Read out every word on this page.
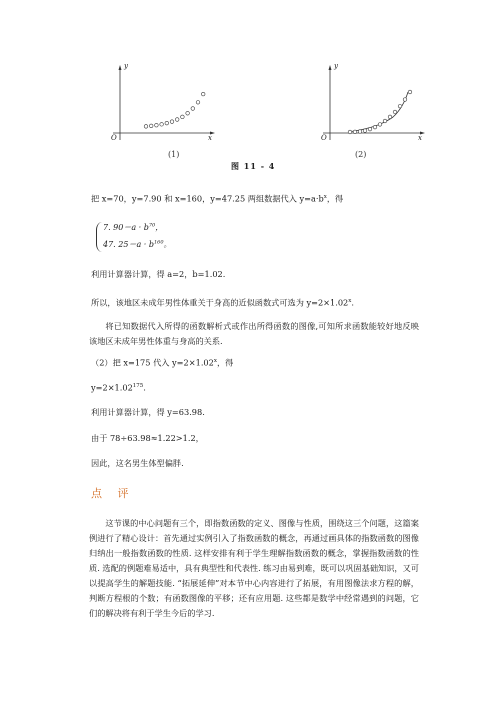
y
x
O
(1)
y
x
O
(2)
图 11 - 4
把 x=70，y=7.90 和 x=160，y=47.25 两组数据代入 $y=a\cdot b^x$，得
7. $90=a \cdot b^{70}$，
47. $25=a \cdot b^{160}$。
利用计算器计算，得 a=2，b=1.02.
所以，该地区未成年男性体重关于身高的近似函数式可选为 $y=2\times 1.02^x$.
将已知数据代入所得的函数解析式或作出所得函数的图像,可知所求函数能较好地反映该地区未成年男性体重与身高的关系.
（2）把 x=175 代入 $y=2\times 1.02^x$，得
$y=2\times 1.02^{175}$.
利用计算器计算，得 y=63.98.
由于 78÷63.98≈1.22>1.2，
因此，这名男生体型偏胖.
点 评
这节课的中心问题有三个，即指数函数的定义、图像与性质，围绕这三个问题，这篇案例进行了精心设计：首先通过实例引入了指数函数的概念，再通过画具体的指数函数的图像归纳出一般指数函数的性质. 这样安排有利于学生理解指数函数的概念，掌握指数函数的性质. 选配的例题难易适中，具有典型性和代表性. 练习由易到难，既可以巩固基础知识，又可以提高学生的解题技能. “拓展延伸”对本节中心内容进行了拓展，有用图像法求方程的解，判断方程根的个数；有函数图像的平移；还有应用题. 这些都是数学中经常遇到的问题，它们的解决将有利于学生今后的学习.
